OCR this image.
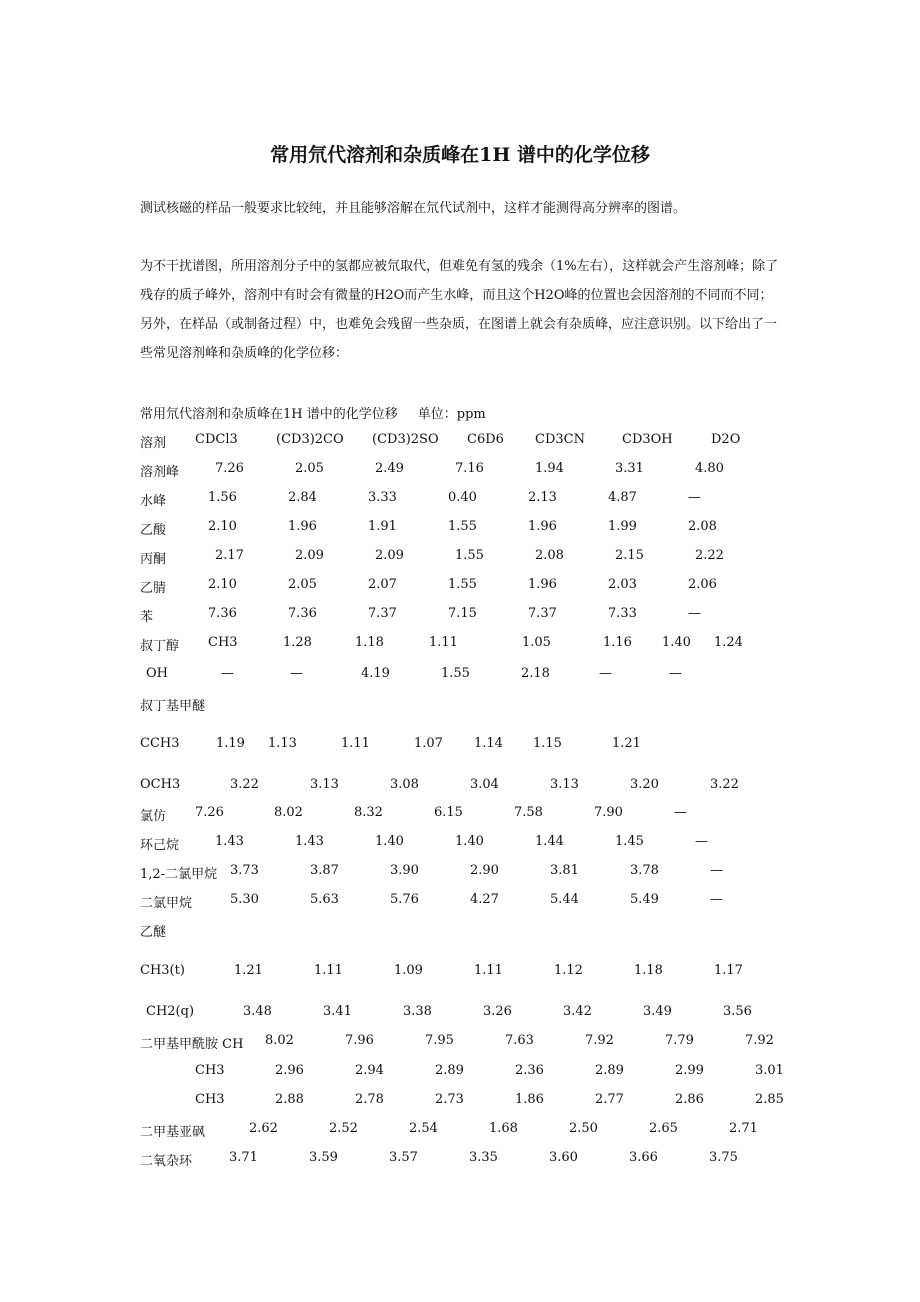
常用氘代溶剂和杂质峰在1H 谱中的化学位移

测试核磁的样品一般要求比较纯，并且能够溶解在氘代试剂中，这样才能测得高分辨率的图谱。

为不干扰谱图，所用溶剂分子中的氢都应被氘取代，但难免有氢的残余（1%左右），这样就会产生溶剂峰；除了残存的质子峰外，溶剂中有时会有微量的H2O而产生水峰，而且这个H2O峰的位置也会因溶剂的不同而不同；另外，在样品（或制备过程）中，也难免会残留一些杂质，在图谱上就会有杂质峰，应注意识别。以下给出了一些常见溶剂峰和杂质峰的化学位移：

常用氘代溶剂和杂质峰在1H 谱中的化学位移 单位：ppm
溶剂 CDCl3	(CD3)2CO (CD3)2SO C6D6 CD3CN	CD3OH	D2O
溶剂峰	7.26	2.05	2.49	7.16	1.94	3.31	4.80
水峰	1.56	2.84	3.33	0.40	2.13	4.87	—
乙酸	2.10	1.96	1.91	1.55	1.96	1.99	2.08
丙酮	2.17	2.09	2.09	1.55	2.08	2.15	2.22
乙腈	2.10	2.05	2.07	1.55	1.96	2.03	2.06
苯	7.36	7.36	7.37	7.15	7.37	7.33	—
叔丁醇 CH3	1.28	1.18	1.11	1.05	1.16 1.40 1.24
OH	—	—	4.19	1.55	2.18	—	—
叔丁基甲醚
CCH3	1.19 1.13	1.11	1.07 1.14 1.15	1.21
OCH3	3.22	3.13	3.08	3.04	3.13	3.20	3.22
氯仿 7.26	8.02	8.32	6.15	7.58	7.90	—
环己烷	1.43	1.43	1.40	1.40	1.44	1.45	—
1,2-二氯甲烷 3.73	3.87	3.90	2.90	3.81	3.78	—
二氯甲烷	5.30	5.63	5.76	4.27	5.44	5.49	—
乙醚
CH3(t)	1.21	1.11	1.09	1.11	1.12	1.18	1.17
CH2(q)	3.48	3.41	3.38	3.26	3.42	3.49	3.56
二甲基甲酰胺 CH 8.02	7.96	7.95	7.63	7.92	7.79	7.92
CH3	2.96	2.94	2.89	2.36	2.89	2.99	3.01
CH3	2.88	2.78	2.73	1.86	2.77	2.86	2.85
二甲基亚砜	2.62	2.52	2.54	1.68	2.50	2.65	2.71
二氧杂环	3.71	3.59	3.57	3.35	3.60	3.66	3.75
